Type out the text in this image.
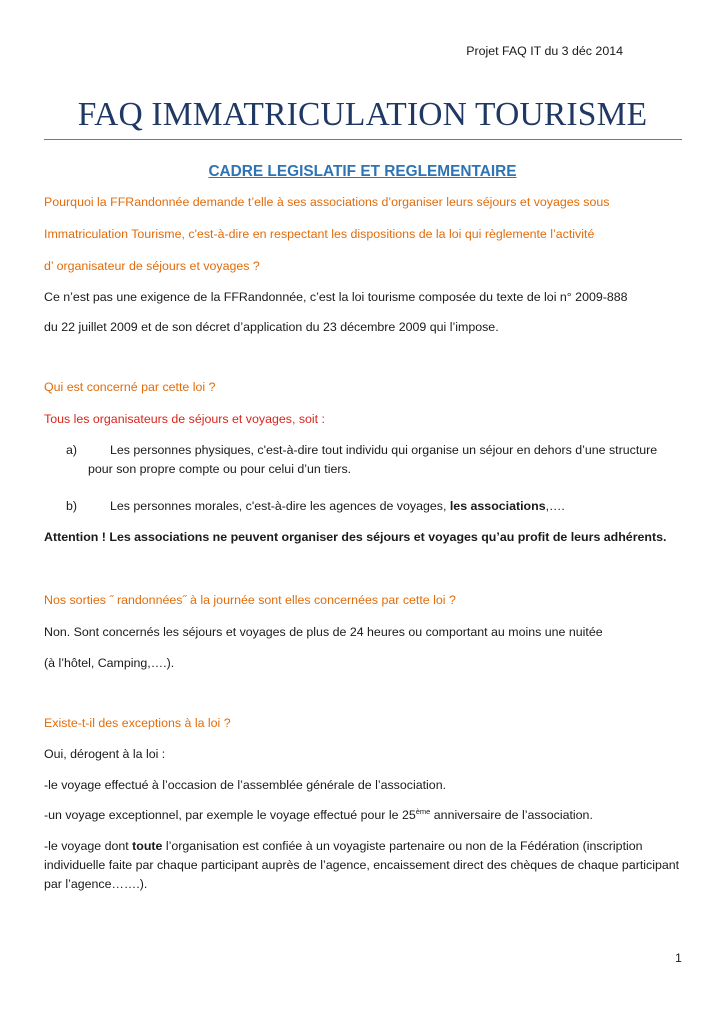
Projet FAQ IT du 3 déc 2014
FAQ IMMATRICULATION TOURISME
CADRE LEGISLATIF ET REGLEMENTAIRE
Pourquoi la FFRandonnée demande t’elle à ses associations d’organiser leurs séjours et voyages sous
Immatriculation Tourisme, c'est-à-dire en respectant les dispositions de la loi qui règlemente l’activité
d’ organisateur de séjours et voyages ?
Ce n’est pas une exigence de la FFRandonnée, c’est la loi tourisme composée du texte de loi n° 2009-888
du 22 juillet 2009 et de son décret d’application du 23 décembre 2009 qui l’impose.
Qui est concerné par cette loi ?
Tous les organisateurs de séjours et voyages, soit :
a)	Les personnes physiques, c'est-à-dire tout individu qui organise un séjour en dehors d’une structure
pour son propre compte ou pour celui d’un tiers.
b)	Les personnes morales, c'est-à-dire les agences de voyages, les associations,….
Attention ! Les associations ne peuvent organiser des séjours et voyages qu’au profit de leurs adhérents.
Nos sorties ˝ randonnées˝ à la journée sont elles concernées par cette loi ?
Non. Sont concernés les séjours et voyages de plus de 24 heures ou comportant au moins une nuitée
(à l’hôtel, Camping,….).
Existe-t-il des exceptions à la loi ?
Oui, dérogent à la loi :
-le voyage effectué à l’occasion de l’assemblée générale de l’association.
-un voyage exceptionnel, par exemple le voyage effectué pour le 25ème anniversaire de l’association.
-le voyage dont toute l’organisation est confiée à un voyagiste partenaire ou non de la Fédération (inscription
individuelle faite par chaque participant auprès de l’agence, encaissement direct des chèques de chaque participant
par l’agence…….).
1
